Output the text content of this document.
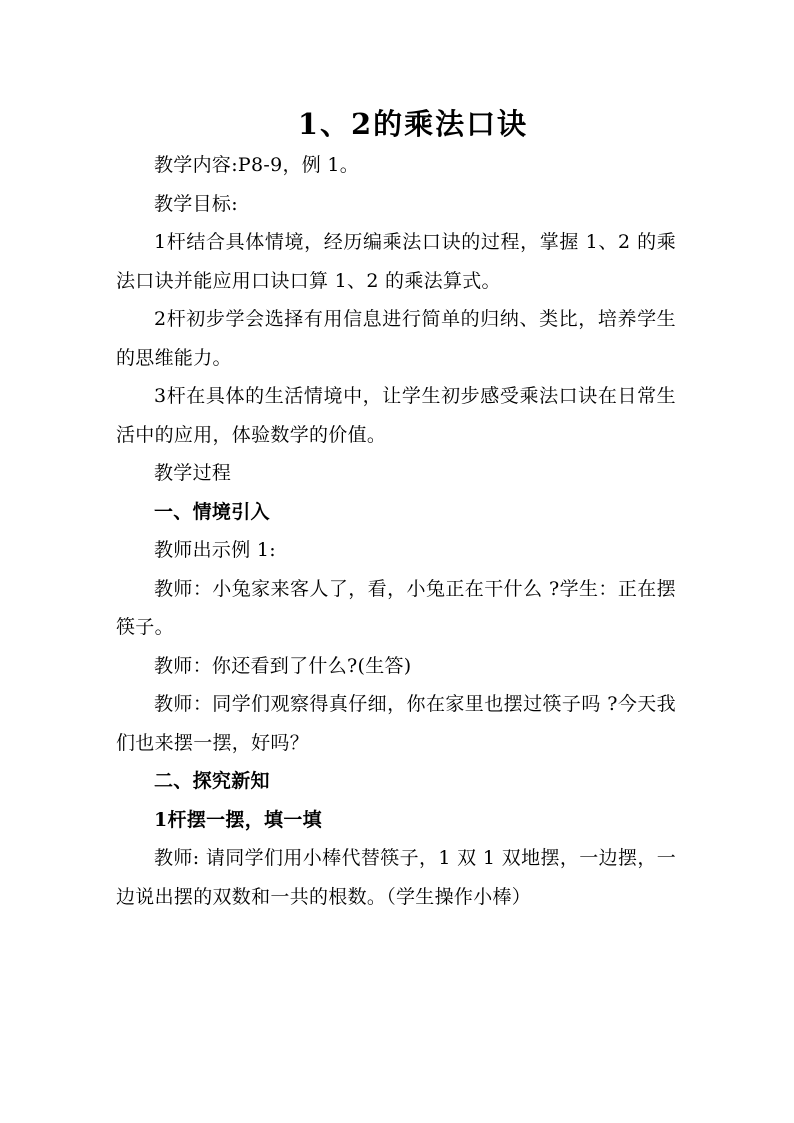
1、2的乘法口诀

教学内容:P8-9，例 1。

教学目标:

1杆结合具体情境，经历编乘法口诀的过程，掌握 1、2 的乘法口诀并能应用口诀口算 1、2 的乘法算式。

2杆初步学会选择有用信息进行简单的归纳、类比，培养学生的思维能力。

3杆在具体的生活情境中，让学生初步感受乘法口诀在日常生活中的应用，体验数学的价值。

教学过程

一、情境引入

教师出示例 1:

教师：小兔家来客人了，看，小兔正在干什么 ?学生：正在摆筷子。

教师：你还看到了什么?(生答)

教师：同学们观察得真仔细，你在家里也摆过筷子吗 ?今天我们也来摆一摆，好吗？

二、探究新知

1杆摆一摆，填一填

教师: 请同学们用小棒代替筷子，1 双 1 双地摆，一边摆，一边说出摆的双数和一共的根数。（学生操作小棒）
